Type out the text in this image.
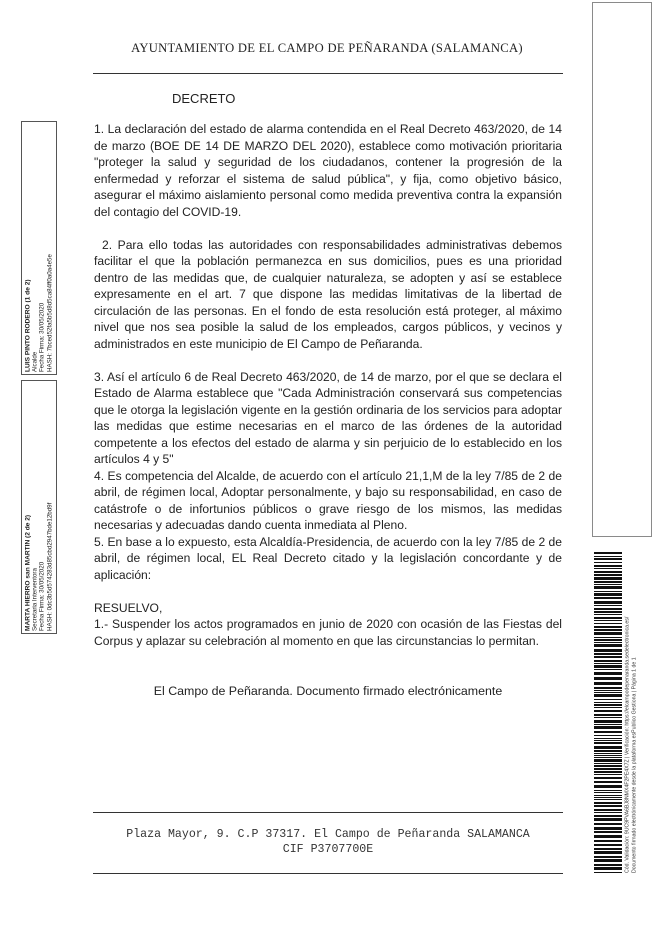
AYUNTAMIENTO DE EL CAMPO DE PEÑARANDA (SALAMANCA)
DECRETO

1. La declaración del estado de alarma contendida en el Real Decreto 463/2020, de 14 de marzo (BOE DE 14 DE MARZO DEL 2020), establece como motivación prioritaria "proteger la salud y seguridad de los ciudadanos, contener la progresión de la enfermedad y reforzar el sistema de salud pública", y fija, como objetivo básico, asegurar el máximo aislamiento personal como medida preventiva contra la expansión del contagio del COVID-19.

2. Para ello todas las autoridades con responsabilidades administrativas debemos facilitar el que la población permanezca en sus domicilios, pues es una prioridad dentro de las medidas que, de cualquier naturaleza, se adopten y así se establece expresamente en el art. 7 que dispone las medidas limitativas de la libertad de circulación de las personas. En el fondo de esta resolución está proteger, al máximo nivel que nos sea posible la salud de los empleados, cargos públicos, y vecinos y administrados en este municipio de El Campo de Peñaranda.

3. Así el artículo 6 de Real Decreto 463/2020, de 14 de marzo, por el que se declara el Estado de Alarma establece que "Cada Administración conservará sus competencias que le otorga la legislación vigente en la gestión ordinaria de los servicios para adoptar las medidas que estime necesarias en el marco de las órdenes de la autoridad competente a los efectos del estado de alarma y sin perjuicio de lo establecido en los artículos 4 y 5"

4. Es competencia del Alcalde, de acuerdo con el artículo 21,1,M de la ley 7/85 de 2 de abril, de régimen local, Adoptar personalmente, y bajo su responsabilidad, en caso de catástrofe o de infortunios públicos o grave riesgo de los mismos, las medidas necesarias y adecuadas dando cuenta inmediata al Pleno.

5. En base a lo expuesto, esta Alcaldía-Presidencia, de acuerdo con la ley 7/85 de 2 de abril, de régimen local, EL Real Decreto citado y la legislación concordante y de aplicación:

RESUELVO,

1.- Suspender los actos programados en junio de 2020 con ocasión de las Fiestas del Corpus y aplazar su celebración al momento en que las circunstancias lo permitan.

El Campo de Peñaranda. Documento firmado electrónicamente
Plaza Mayor, 9. C.P 37317. El Campo de Peñaranda SALAMANCA
CIF P3707700E
LUIS PINTO RODERO (1 de 2) Alcalde Fecha Firma: 30/05/2020 HASH: 7bced52fa5b5d8d5ca84ff0a0a4e5e
MARTA HIERRO san MARTIN (2 de 2) Secretaria Interventora Fecha Firma: 30/05/2020 HASH: 0dc3b5d574283d85cbd2947bde12bd9f
Cód. Validación: 9UC9PVA6BJ8NMX4F2PE4X7Z | Verificación: https://elcampodepenaranda.sedelectronica.es/ Documento firmado electrónicamente desde la plataforma esPublico Gestiona | Página 1 de 1
